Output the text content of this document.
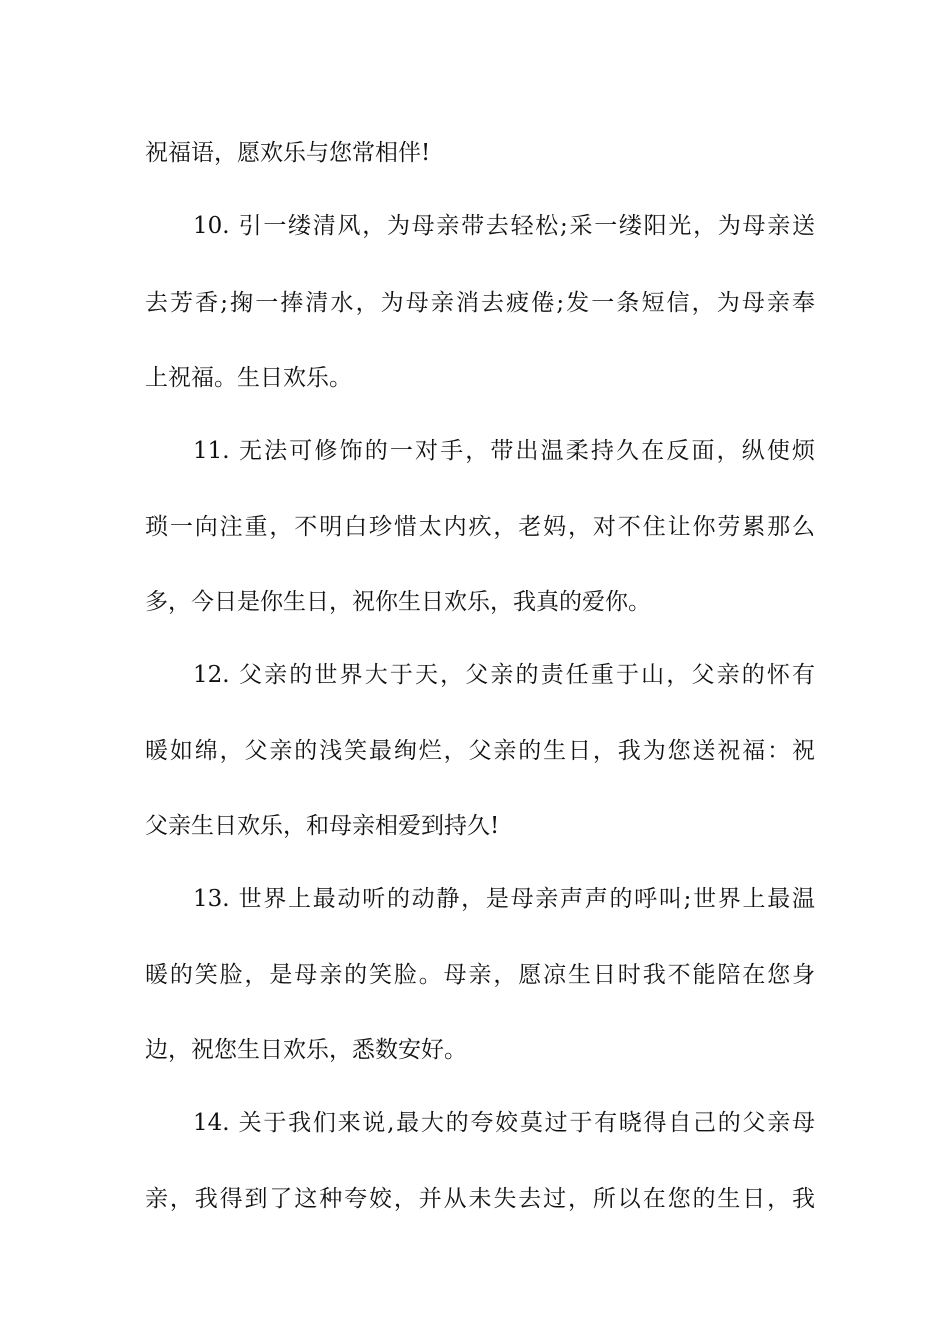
祝福语，愿欢乐与您常相伴!
10. 引一缕清风，为母亲带去轻松;采一缕阳光，为母亲送
去芳香;掬一捧清水，为母亲消去疲倦;发一条短信，为母亲奉
上祝福。生日欢乐。
11. 无法可修饰的一对手，带出温柔持久在反面，纵使烦
琐一向注重，不明白珍惜太内疚，老妈，对不住让你劳累那么
多，今日是你生日，祝你生日欢乐，我真的爱你。
12. 父亲的世界大于天，父亲的责任重于山，父亲的怀有
暖如绵，父亲的浅笑最绚烂，父亲的生日，我为您送祝福：祝
父亲生日欢乐，和母亲相爱到持久!
13. 世界上最动听的动静，是母亲声声的呼叫;世界上最温
暖的笑脸，是母亲的笑脸。母亲，愿凉生日时我不能陪在您身
边，祝您生日欢乐，悉数安好。
14. 关于我们来说,最大的夸姣莫过于有晓得自己的父亲母
亲，我得到了这种夸姣，并从未失去过，所以在您的生日，我
